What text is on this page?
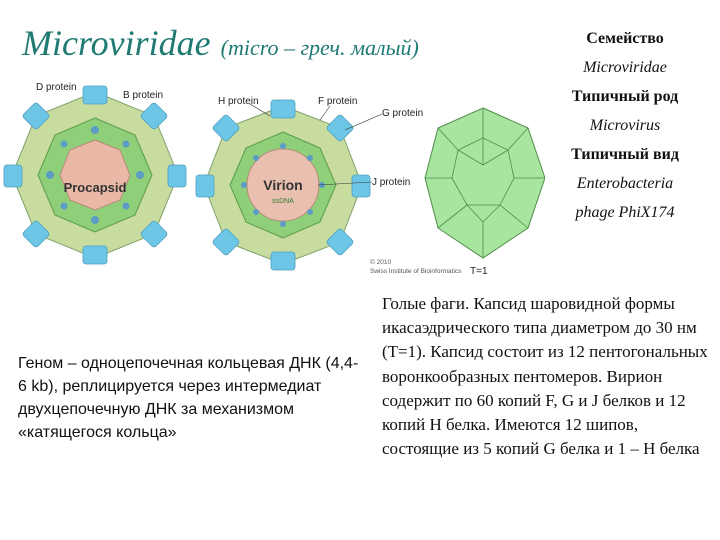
Microviridae (micro – греч. малый)	Семейство
Microviridae
Типичный род
Microvirus
Типичный вид
Enterobacteria
phage PhiX174
D protein
B protein
Procapsid	Virion
ssDNA
H protein	F protein
G protein
J protein
© 2010
Swiss Institute of Bioinformatics T=1
Геном – одноцепочечная кольцевая ДНК (4,4-6 kb), реплицируется через интермедиат двухцепочечную ДНК за механизмом «катящегося кольца»
Голые фаги. Капсид шаровидной формы икасаэдрического типа диаметром до 30 нм (Т=1). Капсид состоит из 12 пентогональных воронкообразных пентомеров. Вирион содержит по 60 копий F, G и J белков и 12 копий H белка. Имеются 12 шипов, состоящие из 5 копий G белка и 1 – H белка
